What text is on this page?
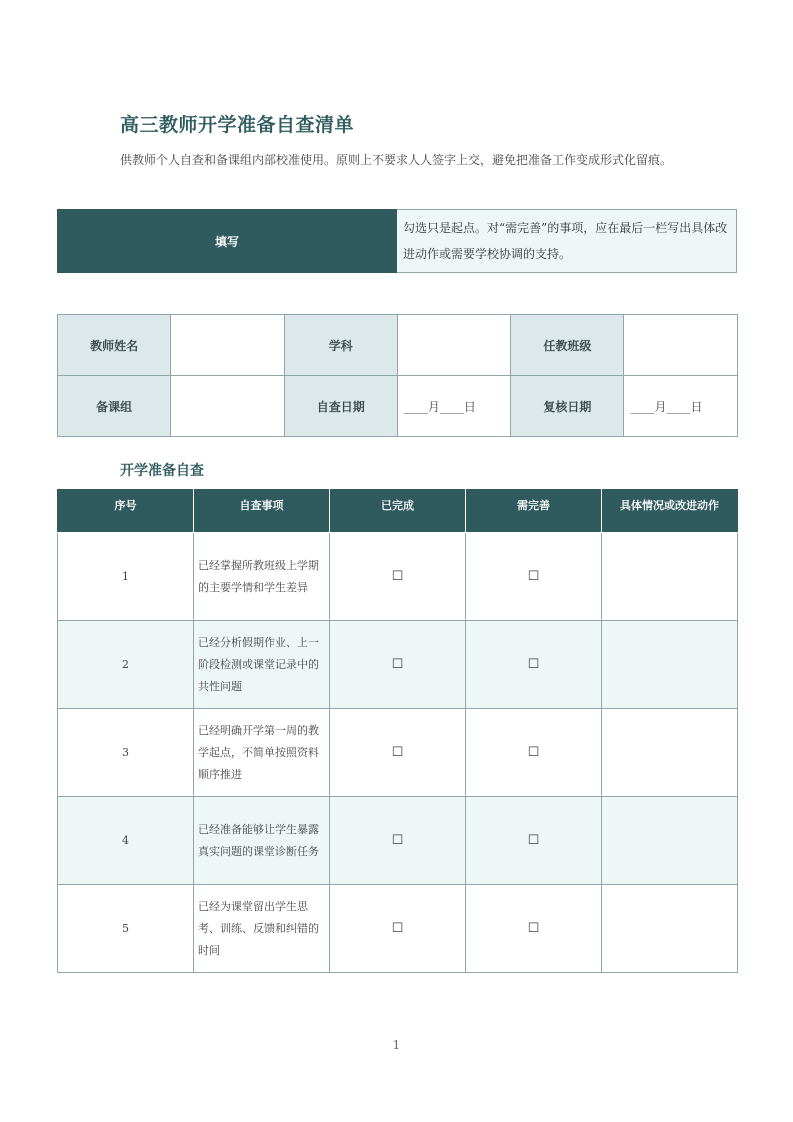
高三教师开学准备自查清单
供教师个人自查和备课组内部校准使用。原则上不要求人人签字上交，避免把准备工作变成形式化留痕。
填写	勾选只是起点。对“需完善”的事项，应在最后一栏写出具体改进动作或需要学校协调的支持。
教师姓名		学科		任教班级	
备课组		自查日期	____月____日	复核日期	____月____日
开学准备自查
序号	自查事项	已完成	需完善	具体情况或改进动作
1	已经掌握所教班级上学期的主要学情和学生差异	☐	☐	
2	已经分析假期作业、上一阶段检测或课堂记录中的共性问题	☐	☐	
3	已经明确开学第一周的教学起点，不简单按照资料顺序推进	☐	☐	
4	已经准备能够让学生暴露真实问题的课堂诊断任务	☐	☐	
5	已经为课堂留出学生思考、训练、反馈和纠错的时间	☐	☐	
1
